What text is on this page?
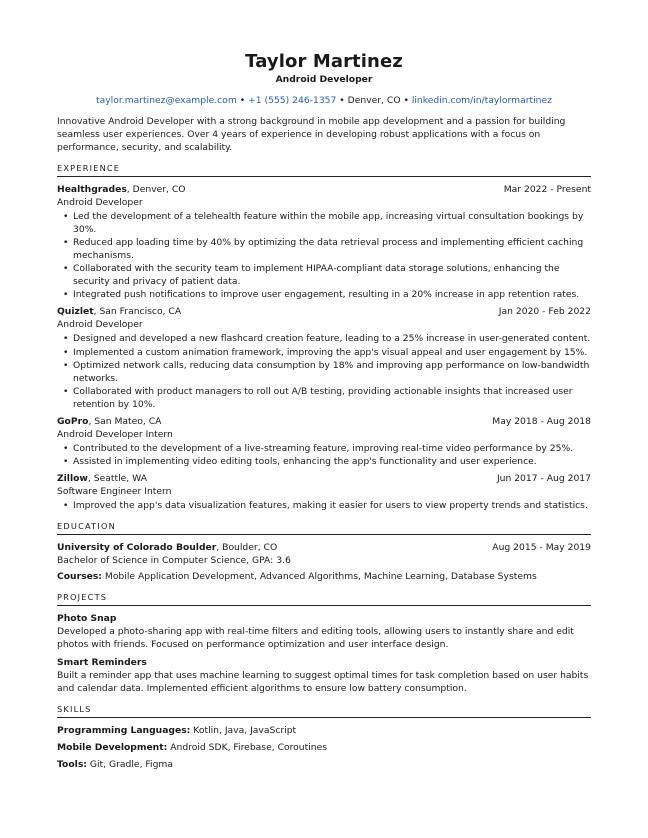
Taylor Martinez
Android Developer
taylor.martinez@example.com • +1 (555) 246-1357 • Denver, CO • linkedin.com/in/taylormartinez
Innovative Android Developer with a strong background in mobile app development and a passion for building seamless user experiences. Over 4 years of experience in developing robust applications with a focus on performance, security, and scalability.
EXPERIENCE
Healthgrades, Denver, CO	Mar 2022 - Present
Android Developer
• Led the development of a telehealth feature within the mobile app, increasing virtual consultation bookings by 30%.
• Reduced app loading time by 40% by optimizing the data retrieval process and implementing efficient caching mechanisms.
• Collaborated with the security team to implement HIPAA-compliant data storage solutions, enhancing the security and privacy of patient data.
• Integrated push notifications to improve user engagement, resulting in a 20% increase in app retention rates.
Quizlet, San Francisco, CA	Jan 2020 - Feb 2022
Android Developer
• Designed and developed a new flashcard creation feature, leading to a 25% increase in user-generated content.
• Implemented a custom animation framework, improving the app's visual appeal and user engagement by 15%.
• Optimized network calls, reducing data consumption by 18% and improving app performance on low-bandwidth networks.
• Collaborated with product managers to roll out A/B testing, providing actionable insights that increased user retention by 10%.
GoPro, San Mateo, CA	May 2018 - Aug 2018
Android Developer Intern
• Contributed to the development of a live-streaming feature, improving real-time video performance by 25%.
• Assisted in implementing video editing tools, enhancing the app's functionality and user experience.
Zillow, Seattle, WA	Jun 2017 - Aug 2017
Software Engineer Intern
• Improved the app's data visualization features, making it easier for users to view property trends and statistics.
EDUCATION
University of Colorado Boulder, Boulder, CO	Aug 2015 - May 2019
Bachelor of Science in Computer Science, GPA: 3.6
Courses: Mobile Application Development, Advanced Algorithms, Machine Learning, Database Systems
PROJECTS
Photo Snap
Developed a photo-sharing app with real-time filters and editing tools, allowing users to instantly share and edit photos with friends. Focused on performance optimization and user interface design.
Smart Reminders
Built a reminder app that uses machine learning to suggest optimal times for task completion based on user habits and calendar data. Implemented efficient algorithms to ensure low battery consumption.
SKILLS
Programming Languages: Kotlin, Java, JavaScript
Mobile Development: Android SDK, Firebase, Coroutines
Tools: Git, Gradle, Figma
